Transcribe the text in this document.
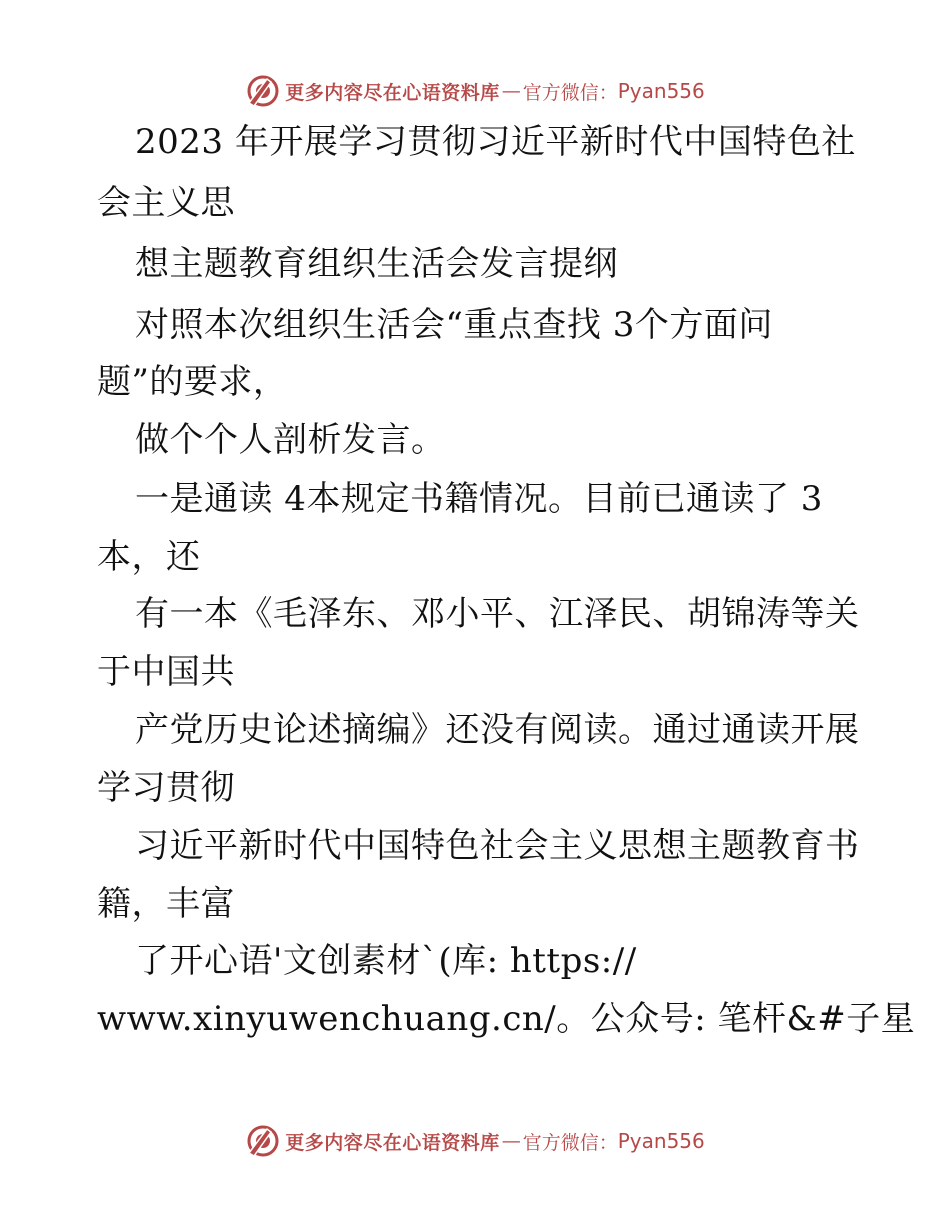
更多内容尽在心语资料库 — 官方微信： Pyan556
2023 年开展学习贯彻习近平新时代中国特色社
会主义思
想主题教育组织生活会发言提纲
对照本次组织生活会“重点查找 3个方面问
题”的要求，
做个个人剖析发言。
一是通读 4本规定书籍情况。目前已通读了 3
本，还
有一本《毛泽东、邓小平、江泽民、胡锦涛等关
于中国共
产党历史论述摘编》还没有阅读。通过通读开展
学习贯彻
习近平新时代中国特色社会主义思想主题教育书
籍，丰富
了开心语'文创素材`(库: https://
www.xinyuwenchuang.cn/。公众号: 笔杆&#子星
更多内容尽在心语资料库 — 官方微信： Pyan556
